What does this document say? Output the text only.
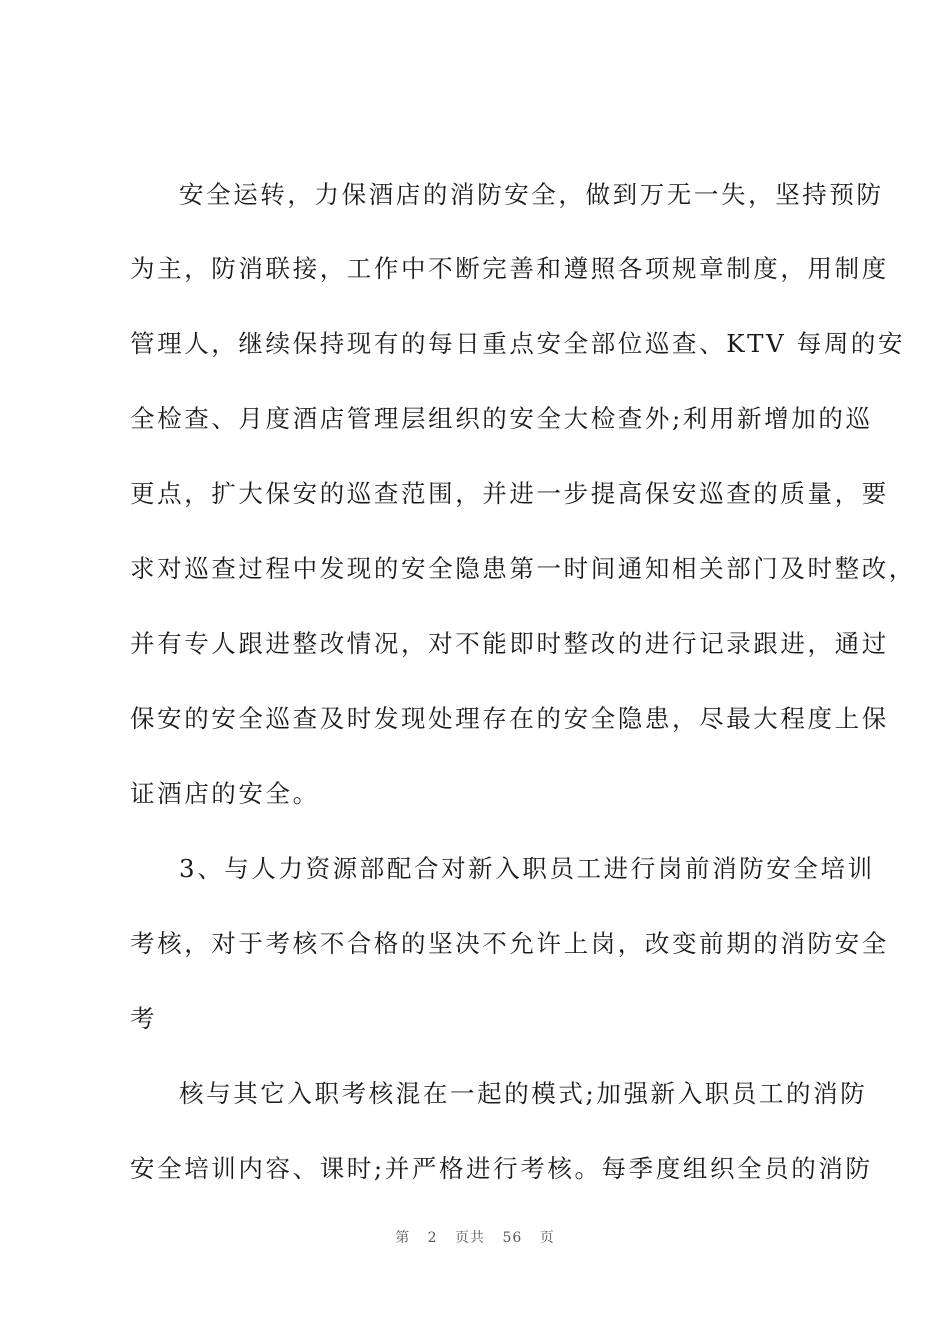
安全运转，力保酒店的消防安全，做到万无一失，坚持预防
为主，防消联接，工作中不断完善和遵照各项规章制度，用制度
管理人，继续保持现有的每日重点安全部位巡查、KTV 每周的安
全检查、月度酒店管理层组织的安全大检查外;利用新增加的巡
更点，扩大保安的巡查范围，并进一步提高保安巡查的质量，要
求对巡查过程中发现的安全隐患第一时间通知相关部门及时整改，
并有专人跟进整改情况，对不能即时整改的进行记录跟进，通过
保安的安全巡查及时发现处理存在的安全隐患，尽最大程度上保
证酒店的安全。
3、与人力资源部配合对新入职员工进行岗前消防安全培训
考核，对于考核不合格的坚决不允许上岗，改变前期的消防安全
考
核与其它入职考核混在一起的模式;加强新入职员工的消防
安全培训内容、课时;并严格进行考核。每季度组织全员的消防
第 2 页共 56 页
